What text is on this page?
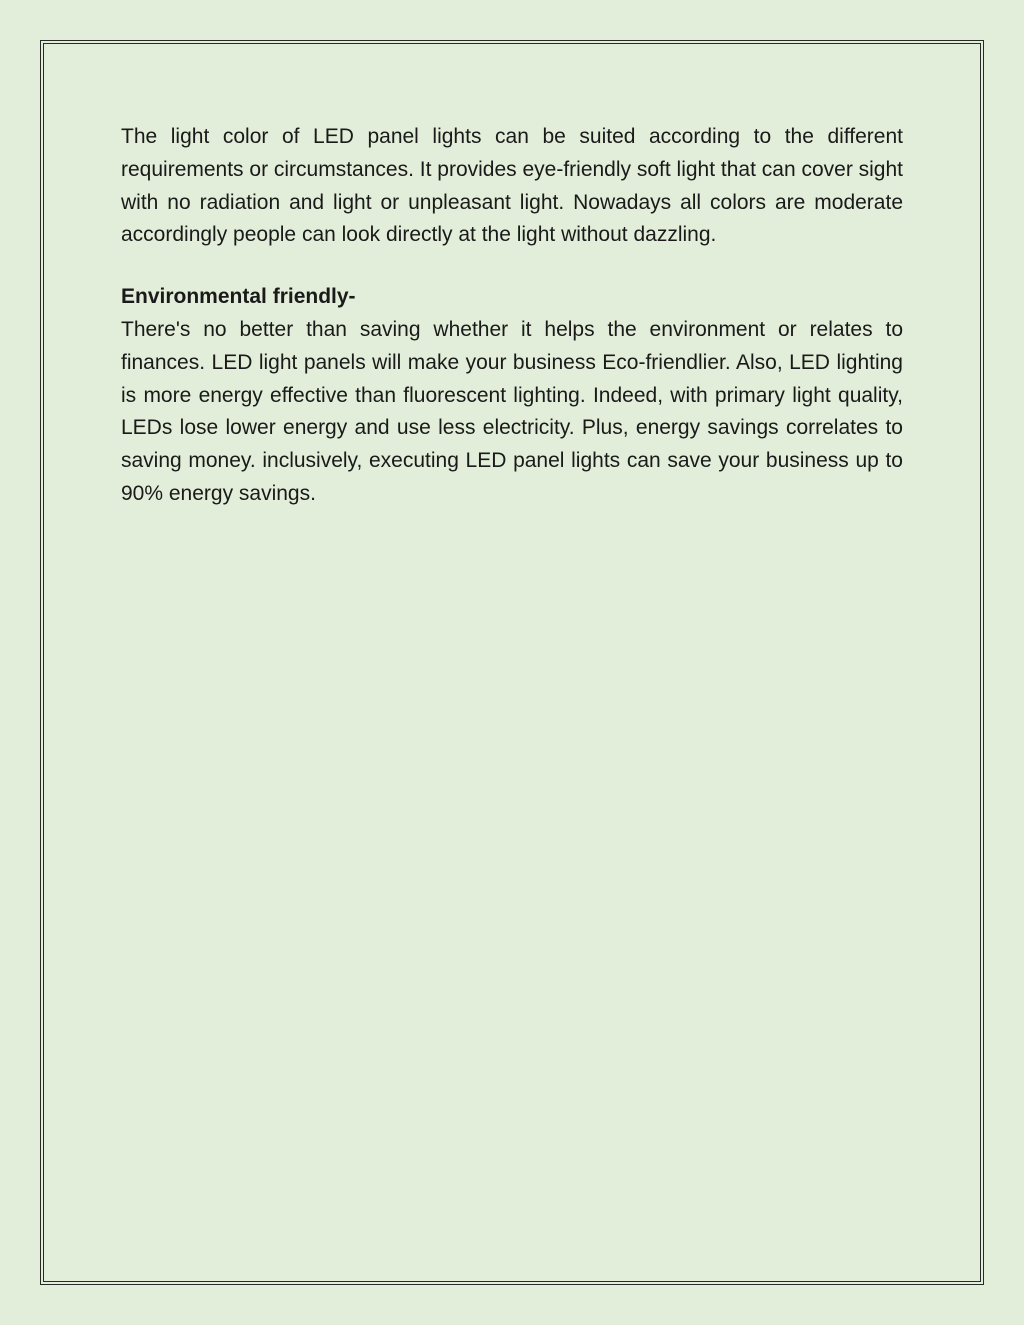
The light color of LED panel lights can be suited according to the different requirements or circumstances. It provides eye-friendly soft light that can cover sight with no radiation and light or unpleasant light. Nowadays all colors are moderate accordingly people can look directly at the light without dazzling.

Environmental friendly-

There's no better than saving whether it helps the environment or relates to finances. LED light panels will make your business Eco-friendlier. Also, LED lighting is more energy effective than fluorescent lighting. Indeed, with primary light quality, LEDs lose lower energy and use less electricity. Plus, energy savings correlates to saving money. inclusively, executing LED panel lights can save your business up to 90% energy savings.
